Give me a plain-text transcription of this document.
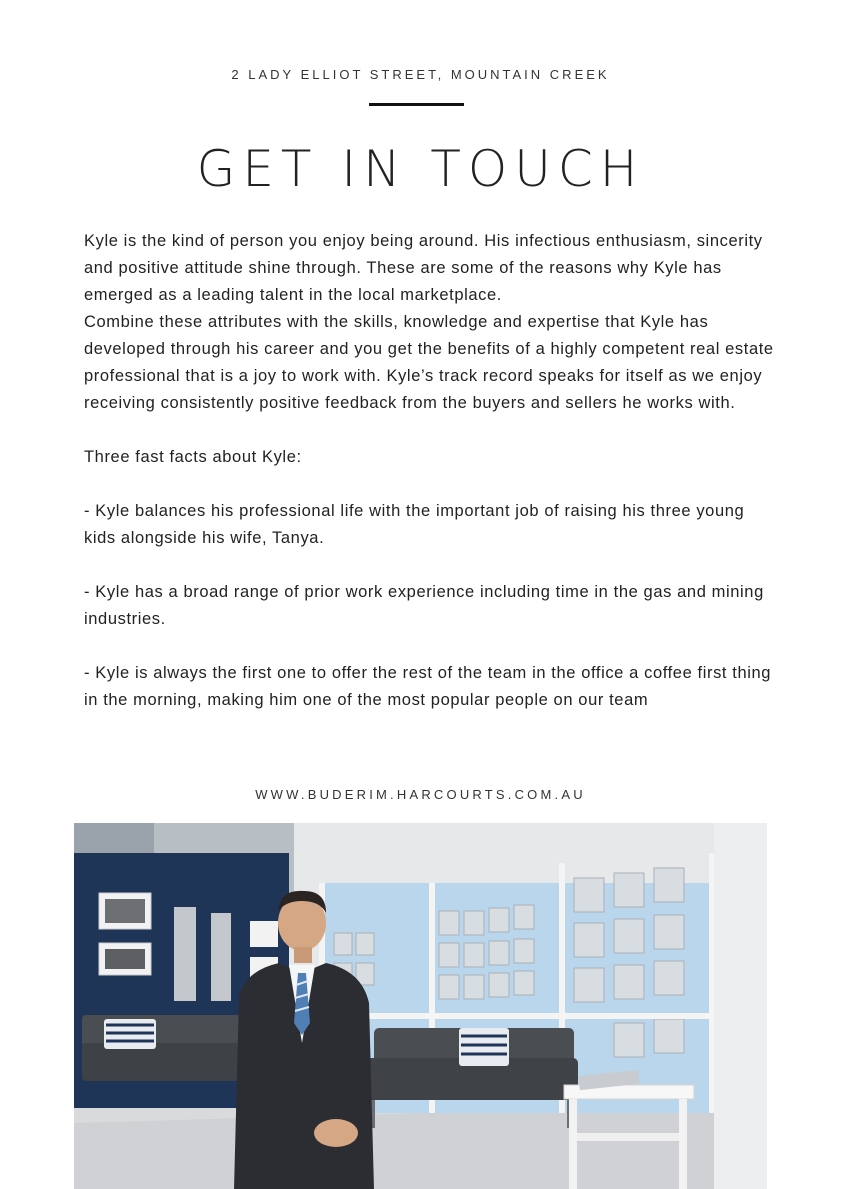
2 LADY ELLIOT STREET, MOUNTAIN CREEK
GET IN TOUCH

Kyle is the kind of person you enjoy being around. His infectious enthusiasm, sincerity and positive attitude shine through. These are some of the reasons why Kyle has emerged as a leading talent in the local marketplace.

Combine these attributes with the skills, knowledge and expertise that Kyle has developed through his career and you get the benefits of a highly competent real estate professional that is a joy to work with. Kyle’s track record speaks for itself as we enjoy receiving consistently positive feedback from the buyers and sellers he works with.

Three fast facts about Kyle:

- Kyle balances his professional life with the important job of raising his three young kids alongside his wife, Tanya.

- Kyle has a broad range of prior work experience including time in the gas and mining industries.

- Kyle is always the first one to offer the rest of the team in the office a coffee first thing in the morning, making him one of the most popular people on our team

WWW.BUDERIM.HARCOURTS.COM.AU
